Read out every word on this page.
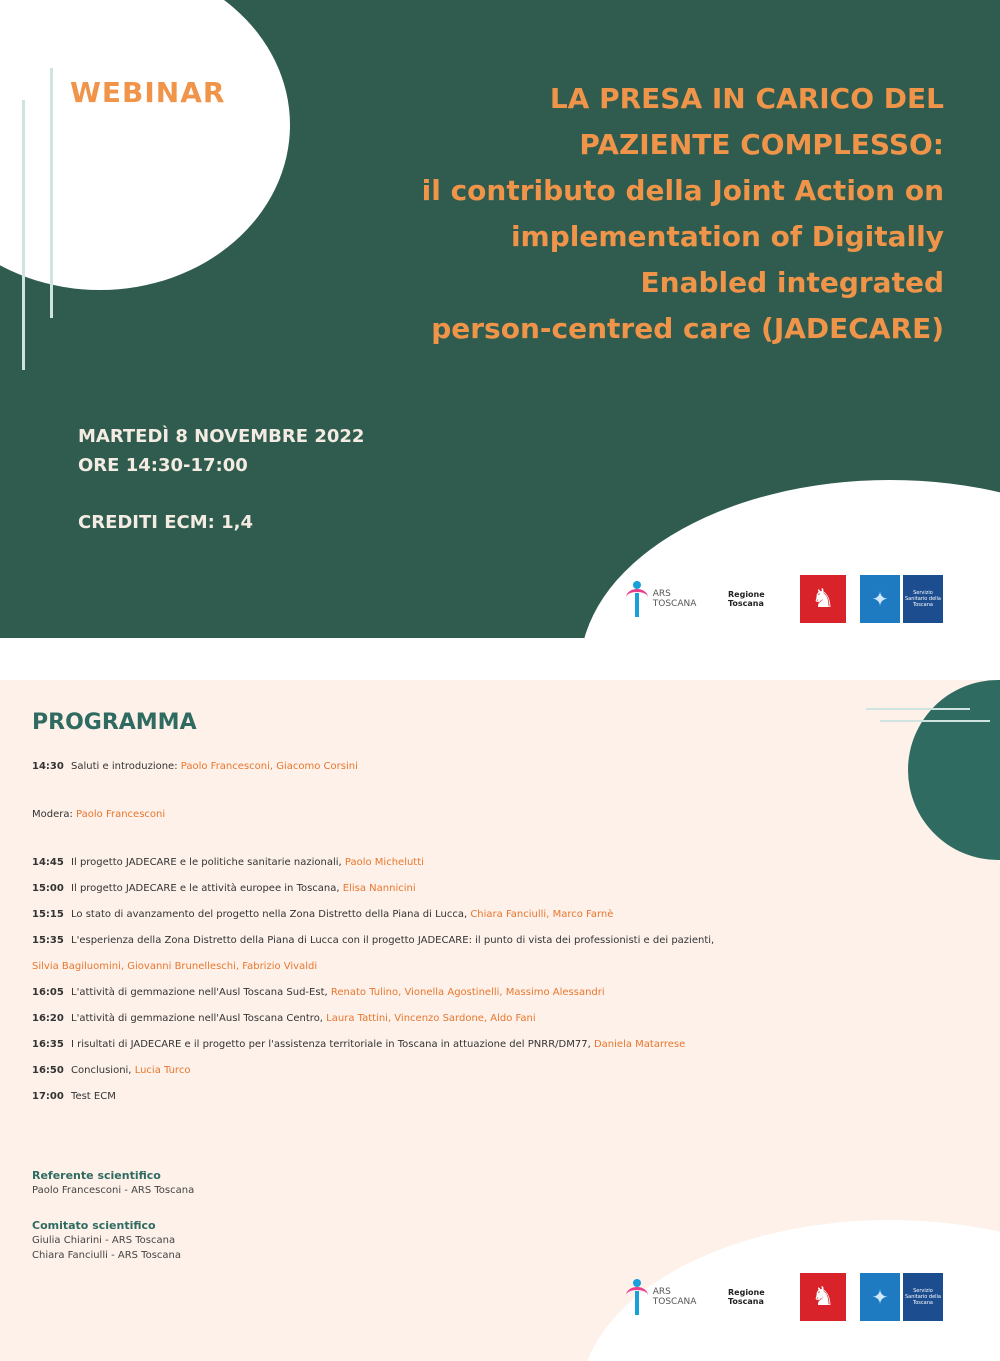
WEBINAR	LA PRESA IN CARICO DEL
PAZIENTE COMPLESSO:
il contributo della Joint Action on
implementation of Digitally
Enabled integrated
person-centred care (JADECARE)
MARTEDÌ 8 NOVEMBRE 2022
ORE 14:30-17:00
CREDITI ECM: 1,4
ARS TOSCANA
Regione Toscana	♞	✦	Servizio Sanitario della Toscana
PROGRAMMA
14:30 Saluti e introduzione: Paolo Francesconi, Giacomo Corsini
Modera: Paolo Francesconi
14:45 Il progetto JADECARE e le politiche sanitarie nazionali, Paolo Michelutti
15:00 Il progetto JADECARE e le attività europee in Toscana, Elisa Nannicini
15:15 Lo stato di avanzamento del progetto nella Zona Distretto della Piana di Lucca, Chiara Fanciulli, Marco Farnè
15:35 L'esperienza della Zona Distretto della Piana di Lucca con il progetto JADECARE: il punto di vista dei professionisti e dei pazienti,
Silvia Bagiluomini, Giovanni Brunelleschi, Fabrizio Vivaldi
16:05 L'attività di gemmazione nell'Ausl Toscana Sud-Est, Renato Tulino, Vionella Agostinelli, Massimo Alessandri
16:20 L'attività di gemmazione nell'Ausl Toscana Centro, Laura Tattini, Vincenzo Sardone, Aldo Fani
16:35 I risultati di JADECARE e il progetto per l'assistenza territoriale in Toscana in attuazione del PNRR/DM77, Daniela Matarrese
16:50 Conclusioni, Lucia Turco
17:00 Test ECM
Referente scientifico
Paolo Francesconi - ARS Toscana
Comitato scientifico
Giulia Chiarini - ARS Toscana
Chiara Fanciulli - ARS Toscana
ARS TOSCANA
Regione Toscana	♞	✦	Servizio Sanitario della Toscana
